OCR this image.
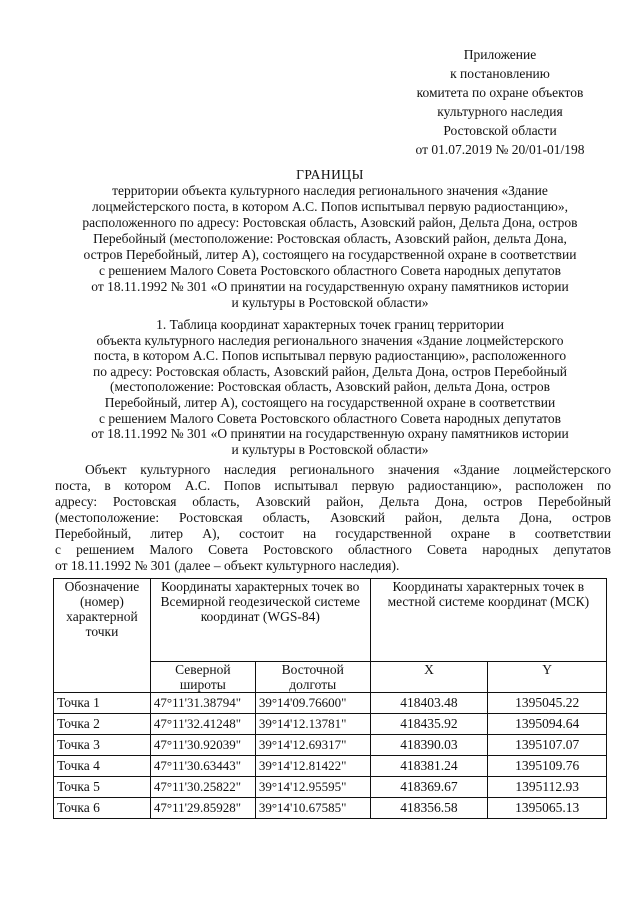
Приложение
к постановлению
комитета по охране объектов
культурного наследия
Ростовской области
от 01.07.2019 № 20/01-01/198
ГРАНИЦЫ
территории объекта культурного наследия регионального значения «Здание
лоцмейстерского поста, в котором А.С. Попов испытывал первую радиостанцию»,
расположенного по адресу: Ростовская область, Азовский район, Дельта Дона, остров
Перебойный (местоположение: Ростовская область, Азовский район, дельта Дона,
остров Перебойный, литер А), состоящего на государственной охране в соответствии
с решением Малого Совета Ростовского областного Совета народных депутатов
от 18.11.1992 № 301 «О принятии на государственную охрану памятников истории
и культуры в Ростовской области»
1. Таблица координат характерных точек границ территории
объекта культурного наследия регионального значения «Здание лоцмейстерского
поста, в котором А.С. Попов испытывал первую радиостанцию», расположенного
по адресу: Ростовская область, Азовский район, Дельта Дона, остров Перебойный
(местоположение: Ростовская область, Азовский район, дельта Дона, остров
Перебойный, литер А), состоящего на государственной охране в соответствии
с решением Малого Совета Ростовского областного Совета народных депутатов
от 18.11.1992 № 301 «О принятии на государственную охрану памятников истории
и культуры в Ростовской области»
Объект культурного наследия регионального значения «Здание лоцмейстерского
поста, в котором А.С. Попов испытывал первую радиостанцию», расположен по
адресу: Ростовская область, Азовский район, Дельта Дона, остров Перебойный
(местоположение: Ростовская область, Азовский район, дельта Дона, остров
Перебойный, литер А), состоит на государственной охране в соответствии
с решением Малого Совета Ростовского областного Совета народных депутатов
от 18.11.1992 № 301 (далее – объект культурного наследия).
Обозначение (номер) характерной точки	Координаты характерных точек во Всемирной геодезической системе координат (WGS-84)		Координаты характерных точек в местной системе координат (МСК)	
	Северной широты	Восточной долготы	X	Y
Точка 1	47°11'31.38794"	39°14'09.76600"	418403.48	1395045.22
Точка 2	47°11'32.41248"	39°14'12.13781"	418435.92	1395094.64
Точка 3	47°11'30.92039"	39°14'12.69317"	418390.03	1395107.07
Точка 4	47°11'30.63443"	39°14'12.81422"	418381.24	1395109.76
Точка 5	47°11'30.25822"	39°14'12.95595"	418369.67	1395112.93
Точка 6	47°11'29.85928"	39°14'10.67585"	418356.58	1395065.13
